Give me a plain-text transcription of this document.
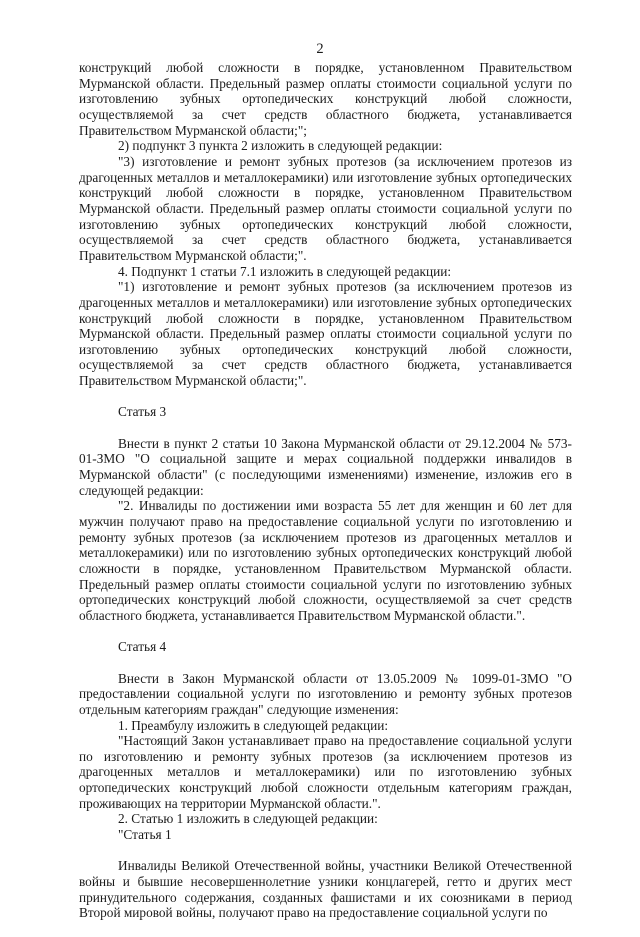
2

конструкций любой сложности в порядке, установленном Правительством Мурманской области. Предельный размер оплаты стоимости социальной услуги по изготовлению зубных ортопедических конструкций любой сложности, осуществляемой за счет средств областного бюджета, устанавливается Правительством Мурманской области;";

2) подпункт 3 пункта 2 изложить в следующей редакции:

"3) изготовление и ремонт зубных протезов (за исключением протезов из драгоценных металлов и металлокерамики) или изготовление зубных ортопедических конструкций любой сложности в порядке, установленном Правительством Мурманской области. Предельный размер оплаты стоимости социальной услуги по изготовлению зубных ортопедических конструкций любой сложности, осуществляемой за счет средств областного бюджета, устанавливается Правительством Мурманской области;".

4. Подпункт 1 статьи 7.1 изложить в следующей редакции:

"1) изготовление и ремонт зубных протезов (за исключением протезов из драгоценных металлов и металлокерамики) или изготовление зубных ортопедических конструкций любой сложности в порядке, установленном Правительством Мурманской области. Предельный размер оплаты стоимости социальной услуги по изготовлению зубных ортопедических конструкций любой сложности, осуществляемой за счет средств областного бюджета, устанавливается Правительством Мурманской области;".

Статья 3

Внести в пункт 2 статьи 10 Закона Мурманской области от 29.12.2004 № 573-01-ЗМО "О социальной защите и мерах социальной поддержки инвалидов в Мурманской области" (с последующими изменениями) изменение, изложив его в следующей редакции:

"2. Инвалиды по достижении ими возраста 55 лет для женщин и 60 лет для мужчин получают право на предоставление социальной услуги по изготовлению и ремонту зубных протезов (за исключением протезов из драгоценных металлов и металлокерамики) или по изготовлению зубных ортопедических конструкций любой сложности в порядке, установленном Правительством Мурманской области. Предельный размер оплаты стоимости социальной услуги по изготовлению зубных ортопедических конструкций любой сложности, осуществляемой за счет средств областного бюджета, устанавливается Правительством Мурманской области.".

Статья 4

Внести в Закон Мурманской области от 13.05.2009 № 1099-01-ЗМО "О предоставлении социальной услуги по изготовлению и ремонту зубных протезов отдельным категориям граждан" следующие изменения:

1. Преамбулу изложить в следующей редакции:

"Настоящий Закон устанавливает право на предоставление социальной услуги по изготовлению и ремонту зубных протезов (за исключением протезов из драгоценных металлов и металлокерамики) или по изготовлению зубных ортопедических конструкций любой сложности отдельным категориям граждан, проживающих на территории Мурманской области.".

2. Статью 1 изложить в следующей редакции:

"Статья 1

Инвалиды Великой Отечественной войны, участники Великой Отечественной войны и бывшие несовершеннолетние узники концлагерей, гетто и других мест принудительного содержания, созданных фашистами и их союзниками в период Второй мировой войны, получают право на предоставление социальной услуги по
